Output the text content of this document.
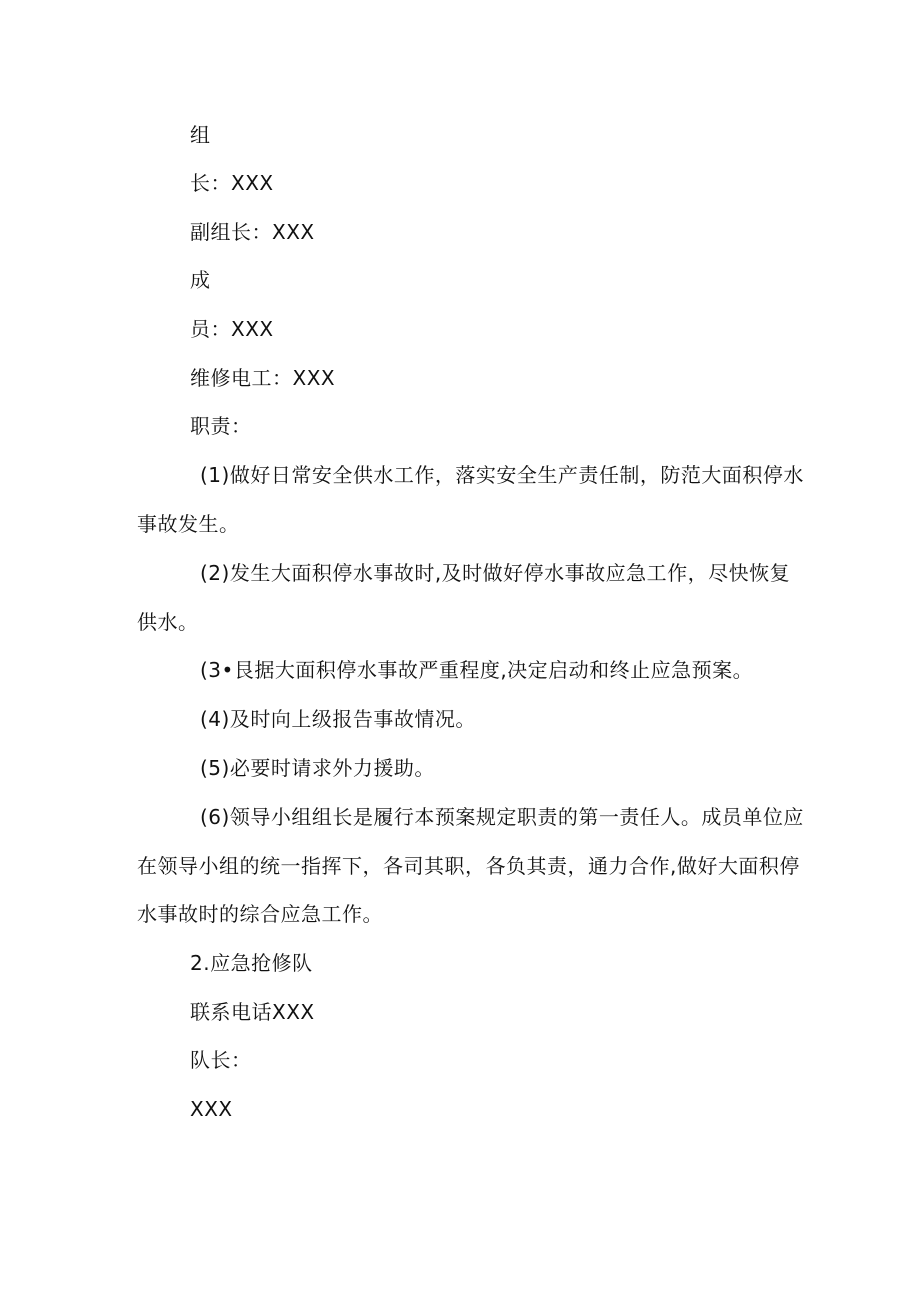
组
长：XXX
副组长：XXX
成
员：XXX
维修电工：XXX
职责：
(1)做好日常安全供水工作，落实安全生产责任制，防范大面积停水
事故发生。
(2)发生大面积停水事故时,及时做好停水事故应急工作，尽快恢复
供水。
(3•艮据大面积停水事故严重程度,决定启动和终止应急预案。
(4)及时向上级报告事故情况。
(5)必要时请求外力援助。
(6)领导小组组长是履行本预案规定职责的第一责任人。成员单位应
在领导小组的统一指挥下，各司其职，各负其责，通力合作,做好大面积停
水事故时的综合应急工作。
2.应急抢修队
联系电话XXX
队长：
XXX
